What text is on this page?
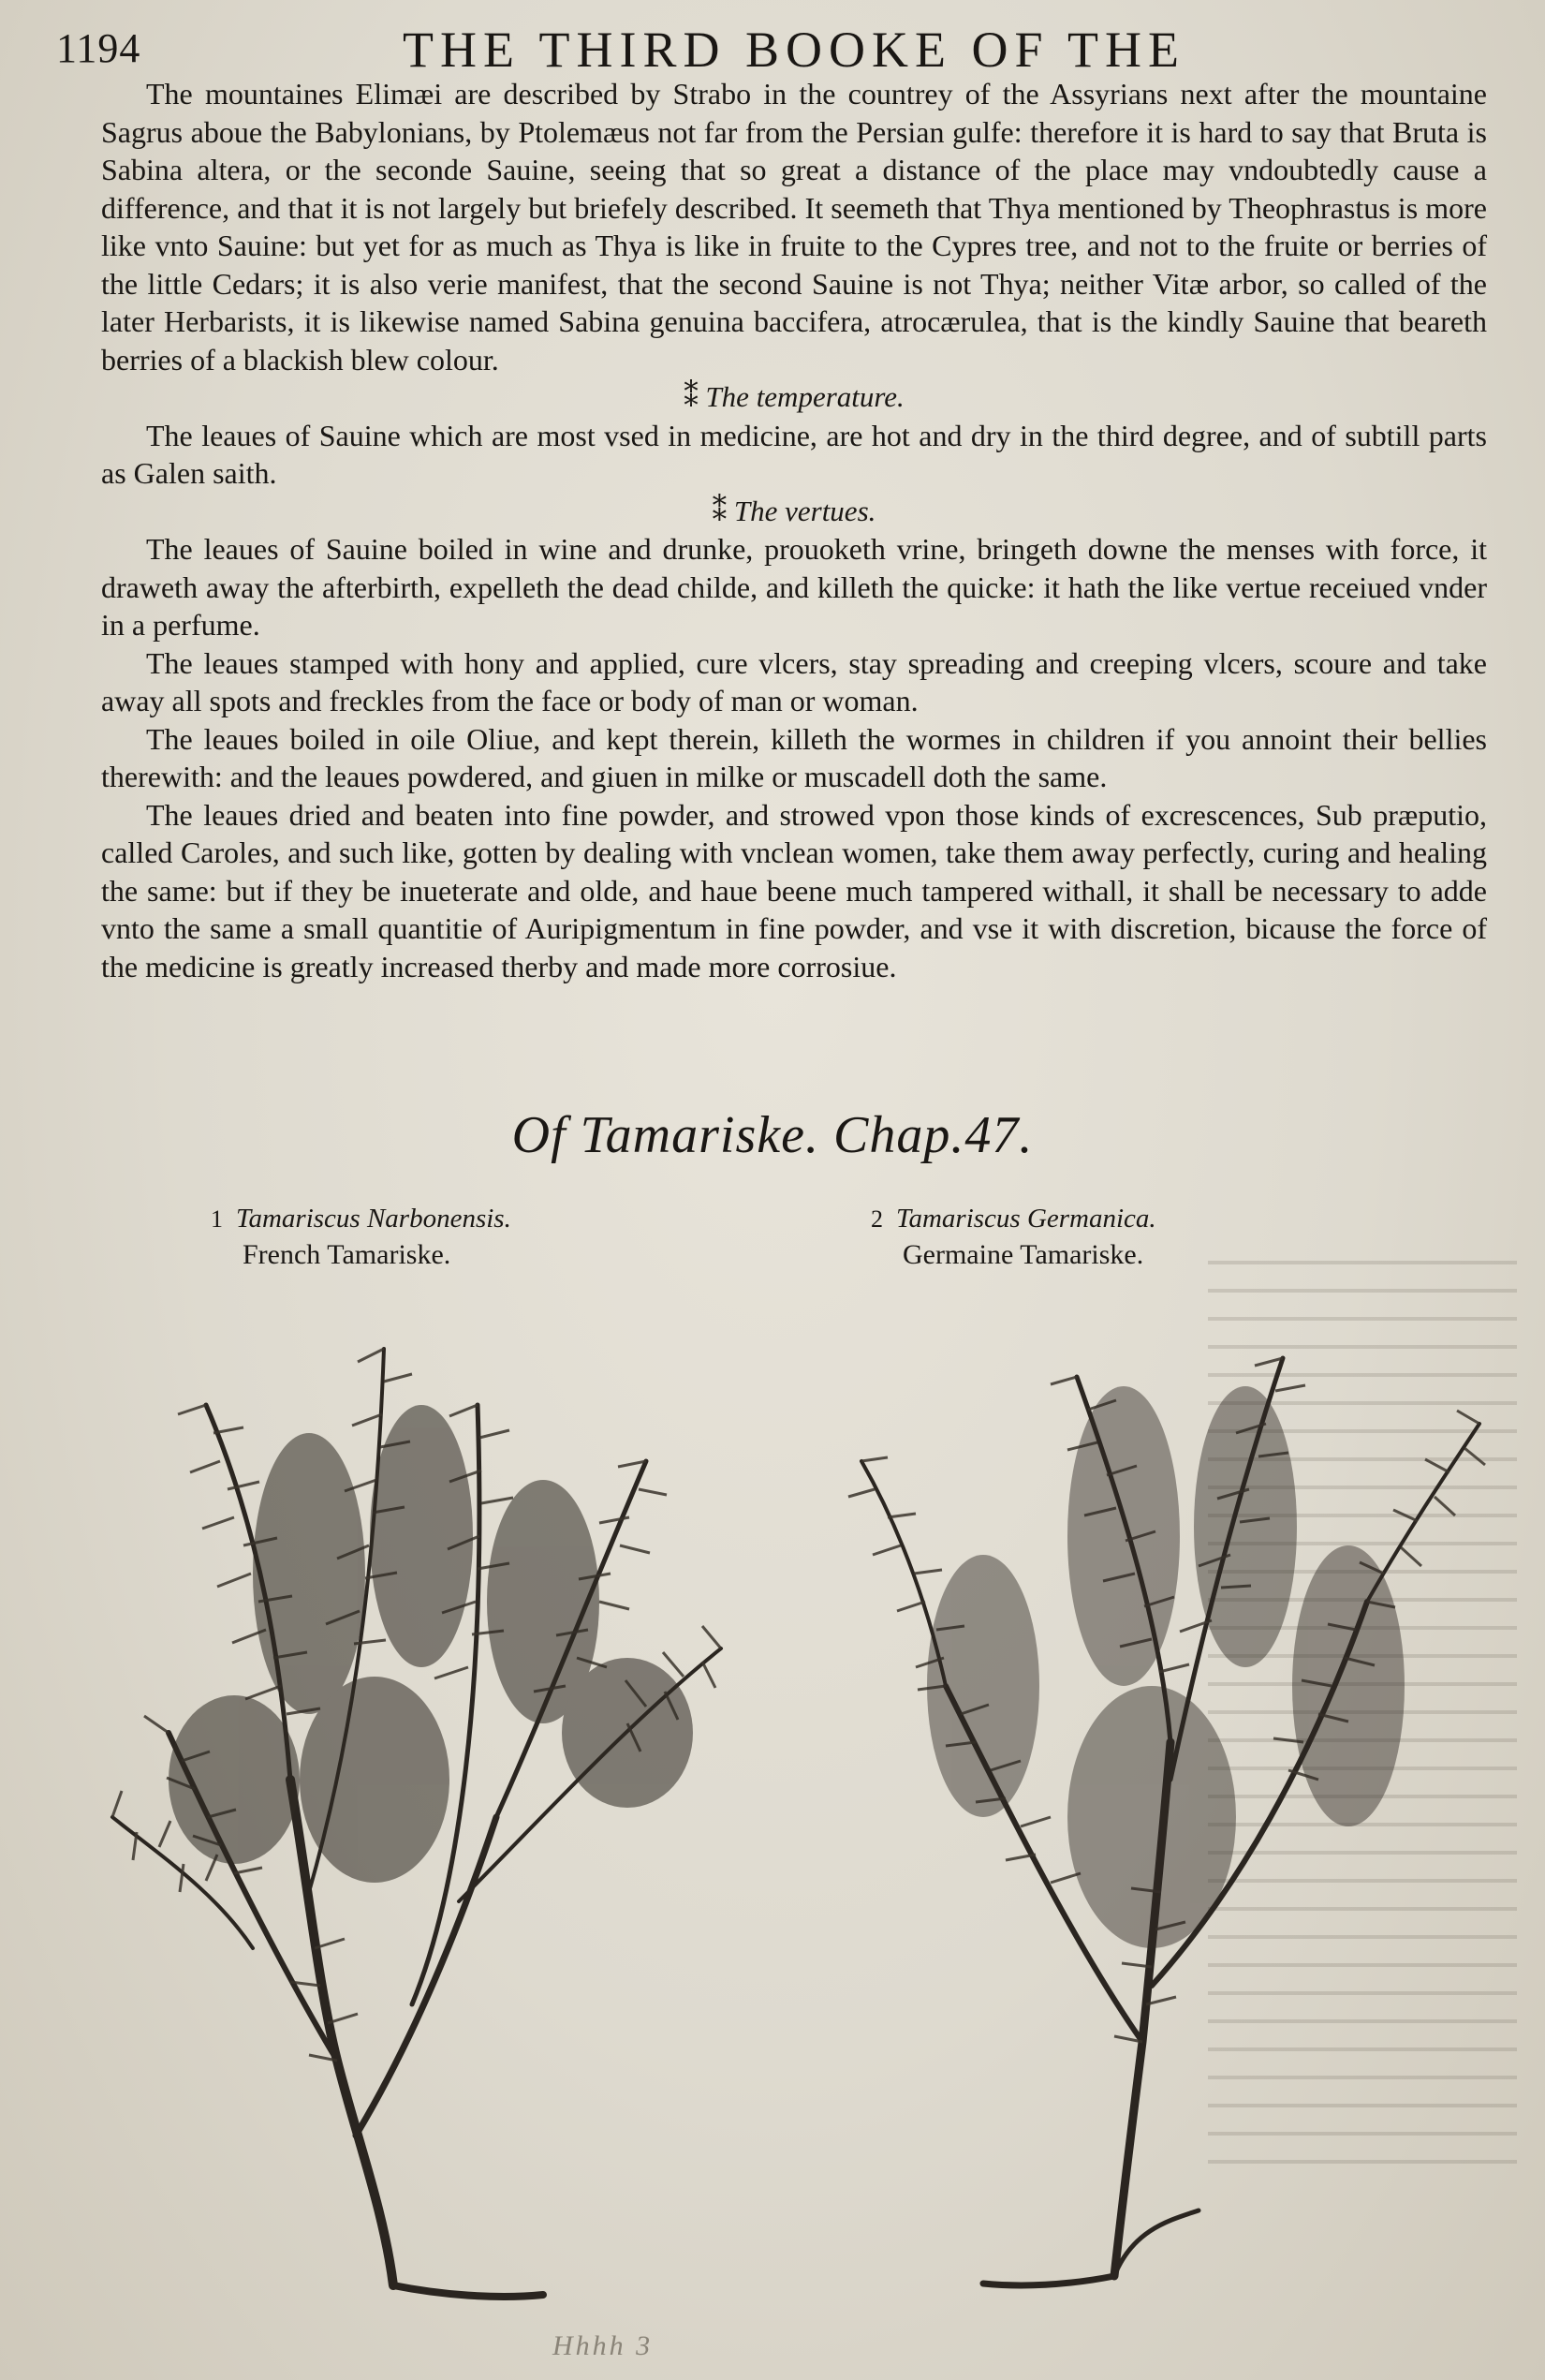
1194	THE THIRD BOOKE OF THE

The mountaines Elimæi are described by Strabo in the countrey of the Assyrians next after the mountaine Sagrus aboue the Babylonians, by Ptolemæus not far from the Persian gulfe: therefore it is hard to say that Bruta is Sabina altera, or the seconde Sauine, seeing that so great a distance of the place may vndoubtedly cause a difference, and that it is not largely but briefely described. It seemeth that Thya mentioned by Theophrastus is more like vnto Sauine: but yet for as much as Thya is like in fruite to the Cypres tree, and not to the fruite or berries of the little Cedars; it is also verie manifest, that the second Sauine is not Thya; neither Vitæ arbor, so called of the later Herbarists, it is likewise named Sabina genuina baccifera, atrocærulea, that is the kindly Sauine that beareth berries of a blackish blew colour.

⁑ The temperature.

The leaues of Sauine which are most vsed in medicine, are hot and dry in the third degree, and of subtill parts as Galen saith.

⁑ The vertues.

The leaues of Sauine boiled in wine and drunke, prouoketh vrine, bringeth downe the menses with force, it draweth away the afterbirth, expelleth the dead childe, and killeth the quicke: it hath the like vertue receiued vnder in a perfume.

The leaues stamped with hony and applied, cure vlcers, stay spreading and creeping vlcers, scoure and take away all spots and freckles from the face or body of man or woman.

The leaues boiled in oile Oliue, and kept therein, killeth the wormes in children if you annoint their bellies therewith: and the leaues powdered, and giuen in milke or muscadell doth the same.

The leaues dried and beaten into fine powder, and strowed vpon those kinds of excrescences, Sub præputio, called Caroles, and such like, gotten by dealing with vnclean women, take them away perfectly, curing and healing the same: but if they be inueterate and olde, and haue beene much tampered withall, it shall be necessary to adde vnto the same a small quantitie of Auripigmentum in fine powder, and vse it with discretion, bicause the force of the medicine is greatly increased therby and made more corrosiue.

Of Tamariske. Chap.47.
1 Tamariscus Narbonensis.
French Tamariske.
2 Tamariscus Germanica.
Germaine Tamariske.
Hhhh 3
